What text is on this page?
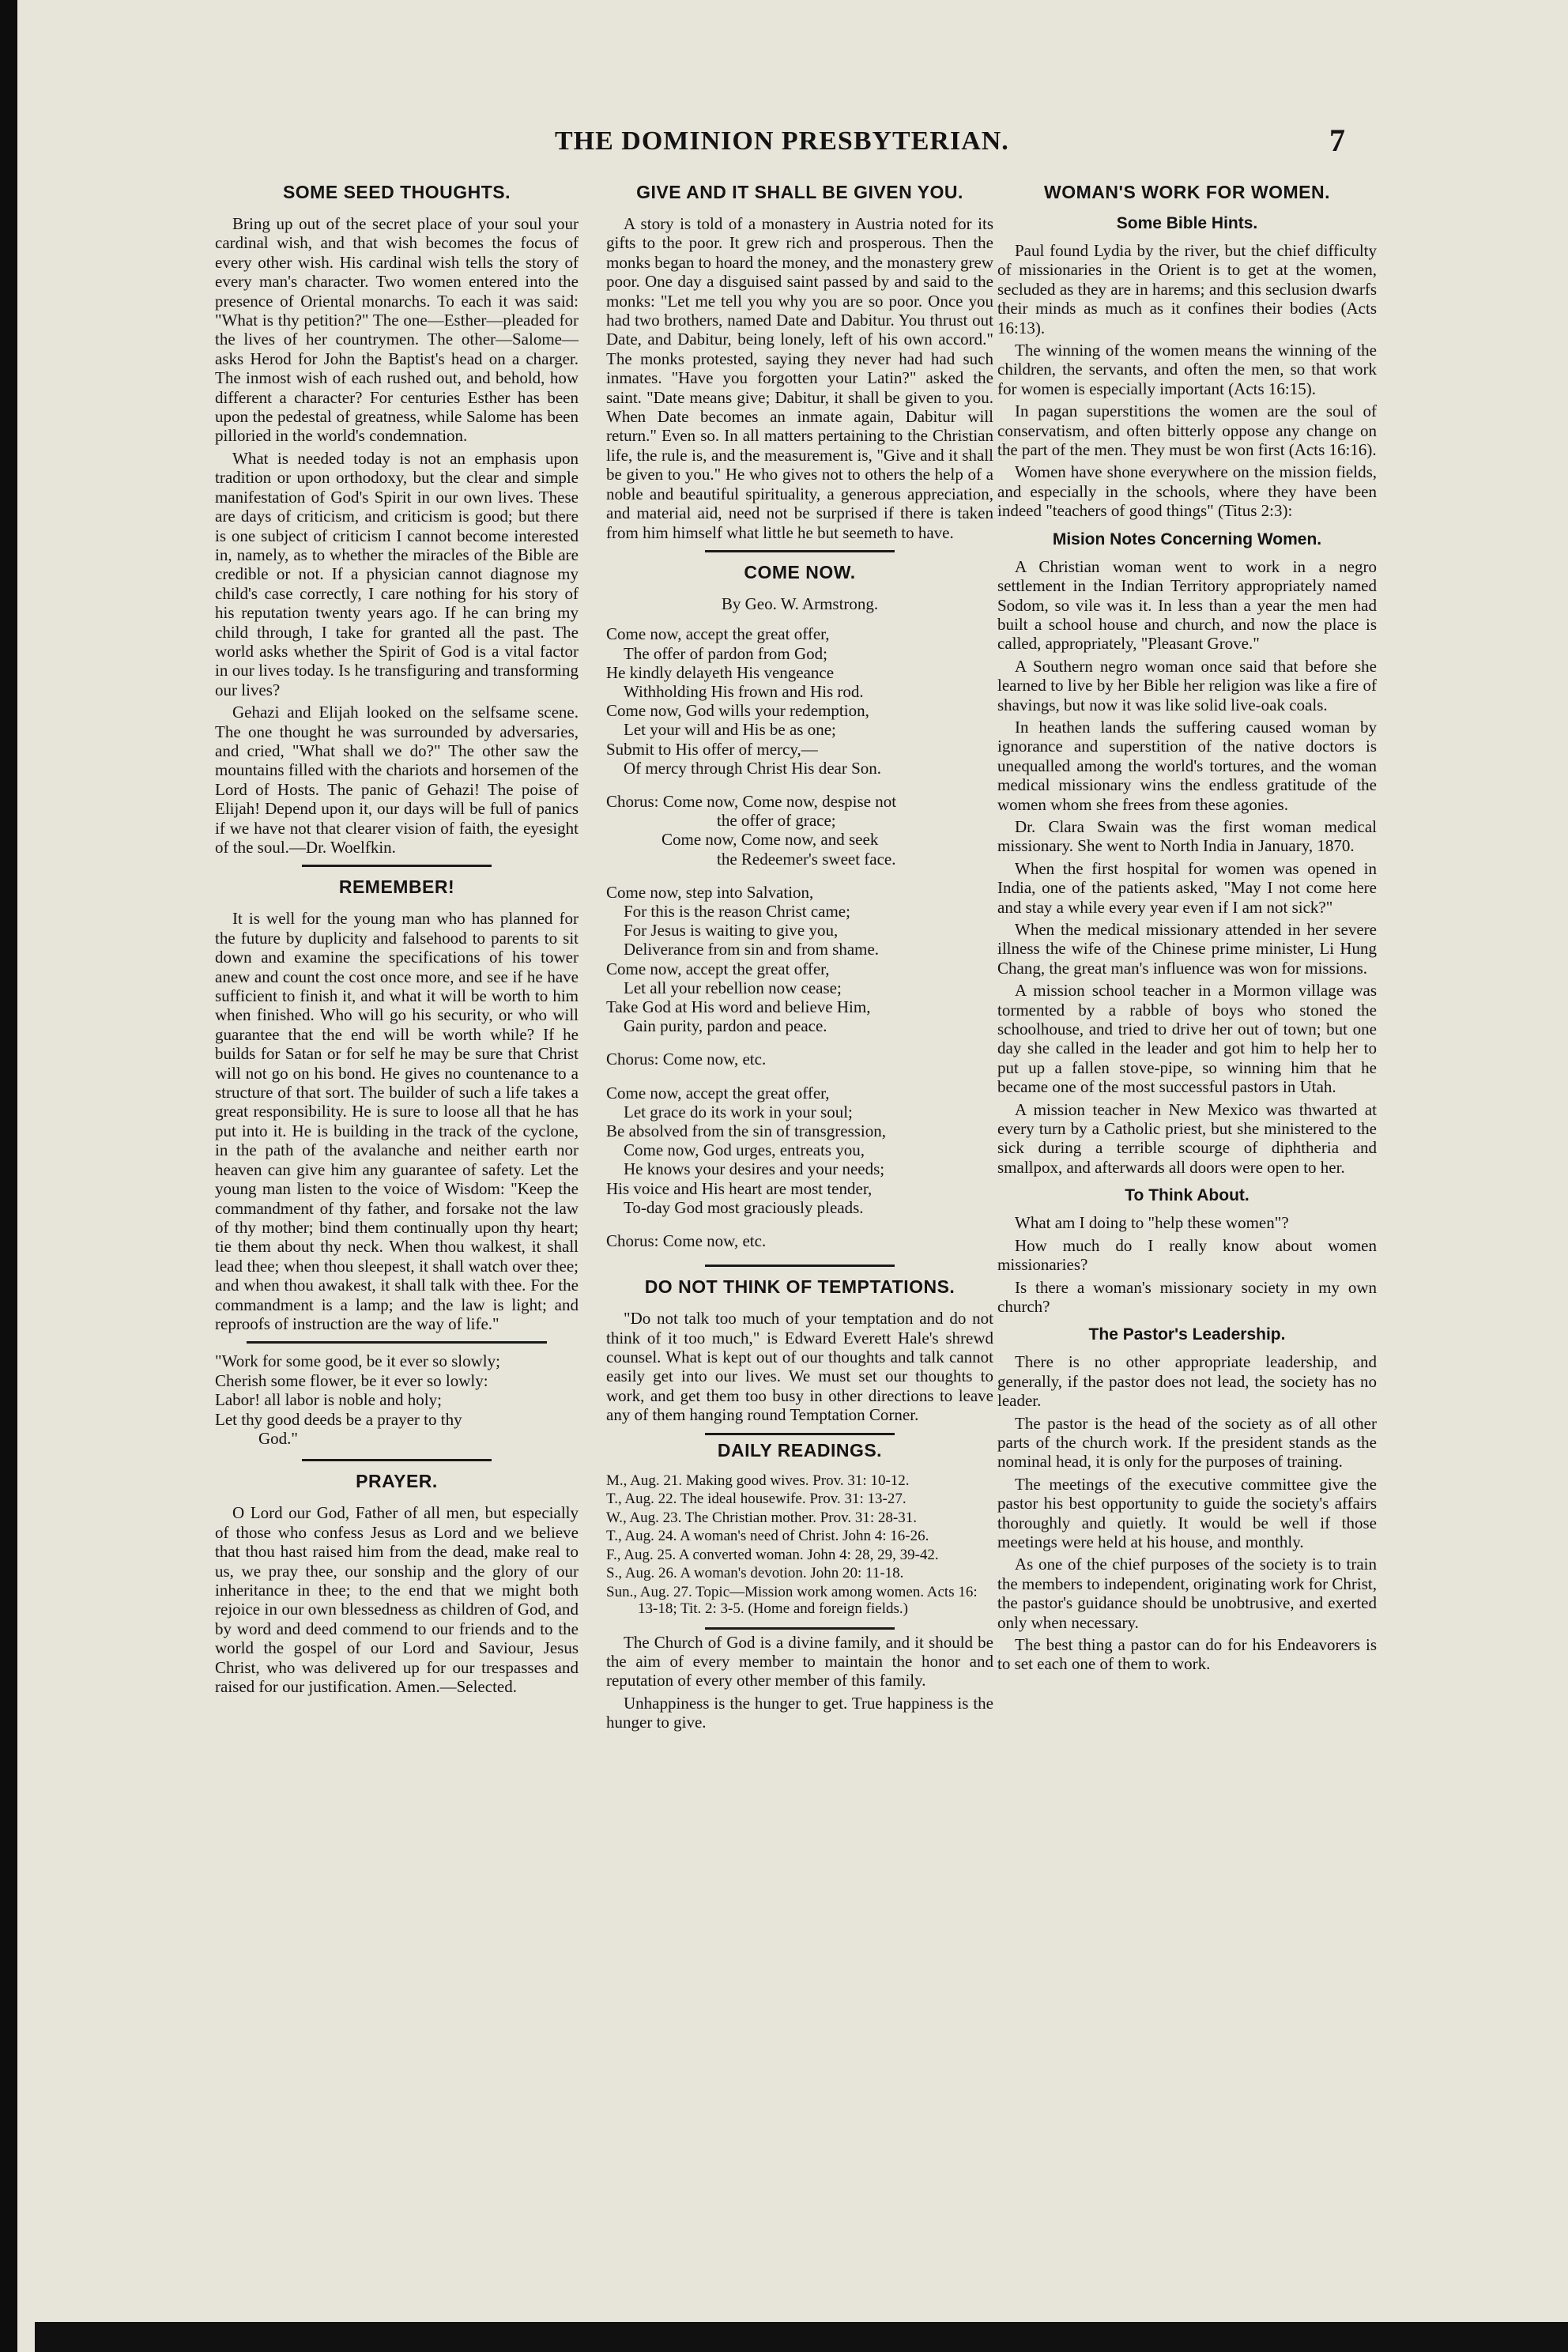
THE DOMINION PRESBYTERIAN.	7
SOME SEED THOUGHTS.

Bring up out of the secret place of your soul your cardinal wish, and that wish becomes the focus of every other wish. His cardinal wish tells the story of every man's character. Two women entered into the presence of Oriental monarchs. To each it was said: "What is thy petition?" The one—Esther—pleaded for the lives of her countrymen. The other—Salome—asks Herod for John the Baptist's head on a charger. The inmost wish of each rushed out, and behold, how different a character? For centuries Esther has been upon the pedestal of greatness, while Salome has been pilloried in the world's condemnation.

What is needed today is not an emphasis upon tradition or upon orthodoxy, but the clear and simple manifestation of God's Spirit in our own lives. These are days of criticism, and criticism is good; but there is one subject of criticism I cannot become interested in, namely, as to whether the miracles of the Bible are credible or not. If a physician cannot diagnose my child's case correctly, I care nothing for his story of his reputation twenty years ago. If he can bring my child through, I take for granted all the past. The world asks whether the Spirit of God is a vital factor in our lives today. Is he transfiguring and transforming our lives?

Gehazi and Elijah looked on the selfsame scene. The one thought he was surrounded by adversaries, and cried, "What shall we do?" The other saw the mountains filled with the chariots and horsemen of the Lord of Hosts. The panic of Gehazi! The poise of Elijah! Depend upon it, our days will be full of panics if we have not that clearer vision of faith, the eyesight of the soul.—Dr. Woelfkin.

REMEMBER!

It is well for the young man who has planned for the future by duplicity and falsehood to parents to sit down and examine the specifications of his tower anew and count the cost once more, and see if he have sufficient to finish it, and what it will be worth to him when finished. Who will go his security, or who will guarantee that the end will be worth while? If he builds for Satan or for self he may be sure that Christ will not go on his bond. He gives no countenance to a structure of that sort. The builder of such a life takes a great responsibility. He is sure to loose all that he has put into it. He is building in the track of the cyclone, in the path of the avalanche and neither earth nor heaven can give him any guarantee of safety. Let the young man listen to the voice of Wisdom: "Keep the commandment of thy father, and forsake not the law of thy mother; bind them continually upon thy heart; tie them about thy neck. When thou walkest, it shall lead thee; when thou sleepest, it shall watch over thee; and when thou awakest, it shall talk with thee. For the commandment is a lamp; and the law is light; and reproofs of instruction are the way of life."

"Work for some good, be it ever so slowly;
Cherish some flower, be it ever so lowly:
Labor! all labor is noble and holy;
Let thy good deeds be a prayer to thy
God."
PRAYER.

O Lord our God, Father of all men, but especially of those who confess Jesus as Lord and we believe that thou hast raised him from the dead, make real to us, we pray thee, our sonship and the glory of our inheritance in thee; to the end that we might both rejoice in our own blessedness as children of God, and by word and deed commend to our friends and to the world the gospel of our Lord and Saviour, Jesus Christ, who was delivered up for our trespasses and raised for our justification. Amen.—Selected.

GIVE AND IT SHALL BE GIVEN YOU.

A story is told of a monastery in Austria noted for its gifts to the poor. It grew rich and prosperous. Then the monks began to hoard the money, and the monastery grew poor. One day a disguised saint passed by and said to the monks: "Let me tell you why you are so poor. Once you had two brothers, named Date and Dabitur. You thrust out Date, and Dabitur, being lonely, left of his own accord." The monks protested, saying they never had had such inmates. "Have you forgotten your Latin?" asked the saint. "Date means give; Dabitur, it shall be given to you. When Date becomes an inmate again, Dabitur will return." Even so. In all matters pertaining to the Christian life, the rule is, and the measurement is, "Give and it shall be given to you." He who gives not to others the help of a noble and beautiful spirituality, a generous appreciation, and material aid, need not be surprised if there is taken from him himself what little he but seemeth to have.

COME NOW.

By Geo. W. Armstrong.

Come now, accept the great offer,
The offer of pardon from God;
He kindly delayeth His vengeance
Withholding His frown and His rod.
Come now, God wills your redemption,
Let your will and His be as one;
Submit to His offer of mercy,—
Of mercy through Christ His dear Son.
Chorus: Come now, Come now, despise not
the offer of grace;
Come now, Come now, and seek
the Redeemer's sweet face.
Come now, step into Salvation,
For this is the reason Christ came;
For Jesus is waiting to give you,
Deliverance from sin and from shame.
Come now, accept the great offer,
Let all your rebellion now cease;
Take God at His word and believe Him,
Gain purity, pardon and peace.
Chorus: Come now, etc.
Come now, accept the great offer,
Let grace do its work in your soul;
Be absolved from the sin of transgression,
Come now, God urges, entreats you,
He knows your desires and your needs;
His voice and His heart are most tender,
To-day God most graciously pleads.
Chorus: Come now, etc.
DO NOT THINK OF TEMPTATIONS.

"Do not talk too much of your temptation and do not think of it too much," is Edward Everett Hale's shrewd counsel. What is kept out of our thoughts and talk cannot easily get into our lives. We must set our thoughts to work, and get them too busy in other directions to leave any of them hanging round Temptation Corner.

DAILY READINGS.
M., Aug. 21. Making good wives. Prov. 31: 10-12.
T., Aug. 22. The ideal housewife. Prov. 31: 13-27.
W., Aug. 23. The Christian mother. Prov. 31: 28-31.
T., Aug. 24. A woman's need of Christ. John 4: 16-26.
F., Aug. 25. A converted woman. John 4: 28, 29, 39-42.
S., Aug. 26. A woman's devotion. John 20: 11-18.
Sun., Aug. 27. Topic—Mission work among women. Acts 16: 13-18; Tit. 2: 3-5. (Home and foreign fields.)

The Church of God is a divine family, and it should be the aim of every member to maintain the honor and reputation of every other member of this family.

Unhappiness is the hunger to get. True happiness is the hunger to give.

WOMAN'S WORK FOR WOMEN.
Some Bible Hints.

Paul found Lydia by the river, but the chief difficulty of missionaries in the Orient is to get at the women, secluded as they are in harems; and this seclusion dwarfs their minds as much as it confines their bodies (Acts 16:13).

The winning of the women means the winning of the children, the servants, and often the men, so that work for women is especially important (Acts 16:15).

In pagan superstitions the women are the soul of conservatism, and often bitterly oppose any change on the part of the men. They must be won first (Acts 16:16).

Women have shone everywhere on the mission fields, and especially in the schools, where they have been indeed "teachers of good things" (Titus 2:3):

Mision Notes Concerning Women.

A Christian woman went to work in a negro settlement in the Indian Territory appropriately named Sodom, so vile was it. In less than a year the men had built a school house and church, and now the place is called, appropriately, "Pleasant Grove."

A Southern negro woman once said that before she learned to live by her Bible her religion was like a fire of shavings, but now it was like solid live-oak coals.

In heathen lands the suffering caused woman by ignorance and superstition of the native doctors is unequalled among the world's tortures, and the woman medical missionary wins the endless gratitude of the women whom she frees from these agonies.

Dr. Clara Swain was the first woman medical missionary. She went to North India in January, 1870.

When the first hospital for women was opened in India, one of the patients asked, "May I not come here and stay a while every year even if I am not sick?"

When the medical missionary attended in her severe illness the wife of the Chinese prime minister, Li Hung Chang, the great man's influence was won for missions.

A mission school teacher in a Mormon village was tormented by a rabble of boys who stoned the schoolhouse, and tried to drive her out of town; but one day she called in the leader and got him to help her to put up a fallen stove-pipe, so winning him that he became one of the most successful pastors in Utah.

A mission teacher in New Mexico was thwarted at every turn by a Catholic priest, but she ministered to the sick during a terrible scourge of diphtheria and smallpox, and afterwards all doors were open to her.

To Think About.

What am I doing to "help these women"?

How much do I really know about women missionaries?

Is there a woman's missionary society in my own church?

The Pastor's Leadership.

There is no other appropriate leadership, and generally, if the pastor does not lead, the society has no leader.

The pastor is the head of the society as of all other parts of the church work. If the president stands as the nominal head, it is only for the purposes of training.

The meetings of the executive committee give the pastor his best opportunity to guide the society's affairs thoroughly and quietly. It would be well if those meetings were held at his house, and monthly.

As one of the chief purposes of the society is to train the members to independent, originating work for Christ, the pastor's guidance should be unobtrusive, and exerted only when necessary.

The best thing a pastor can do for his Endeavorers is to set each one of them to work.
